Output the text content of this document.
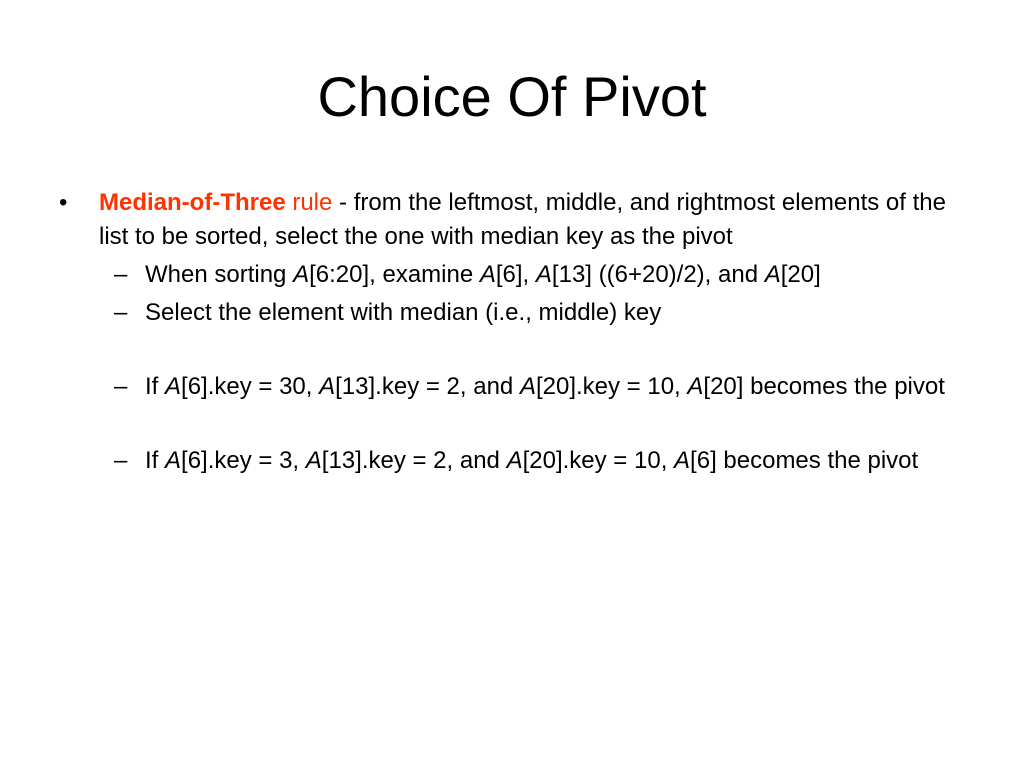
Choice Of Pivot
• Median-of-Three rule - from the leftmost, middle, and rightmost elements of the list to be sorted, select the one with median key as the pivot
– When sorting A[6:20], examine A[6], A[13] ((6+20)/2), and A[20]
– Select the element with median (i.e., middle) key
– If A[6].key = 30, A[13].key = 2, and A[20].key = 10, A[20] becomes the pivot
– If A[6].key = 3, A[13].key = 2, and A[20].key = 10, A[6] becomes the pivot
